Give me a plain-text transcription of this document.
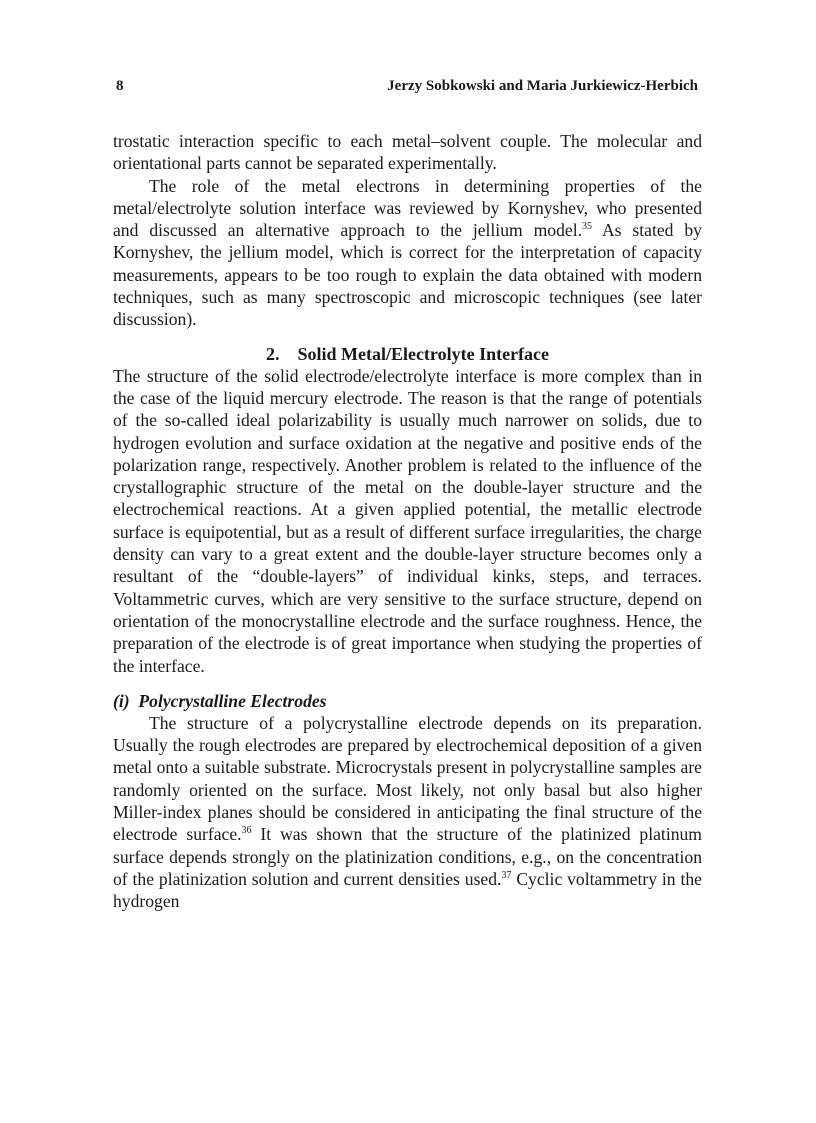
8	Jerzy Sobkowski and Maria Jurkiewicz-Herbich

trostatic interaction specific to each metal–solvent couple. The molecular and orientational parts cannot be separated experimentally.

The role of the metal electrons in determining properties of the metal/electrolyte solution interface was reviewed by Kornyshev, who presented and discussed an alternative approach to the jellium model.$^{35}$ As stated by Kornyshev, the jellium model, which is correct for the interpretation of capacity measurements, appears to be too rough to explain the data obtained with modern techniques, such as many spectroscopic and microscopic techniques (see later discussion).

2. Solid Metal/Electrolyte Interface

The structure of the solid electrode/electrolyte interface is more complex than in the case of the liquid mercury electrode. The reason is that the range of potentials of the so-called ideal polarizability is usually much narrower on solids, due to hydrogen evolution and surface oxidation at the negative and positive ends of the polarization range, respectively. Another problem is related to the influence of the crystallographic structure of the metal on the double-layer structure and the electrochemical reactions. At a given applied potential, the metallic electrode surface is equipotential, but as a result of different surface irregularities, the charge density can vary to a great extent and the double-layer structure becomes only a resultant of the “double-layers” of individual kinks, steps, and terraces. Voltammetric curves, which are very sensitive to the surface structure, depend on orientation of the monocrystalline electrode and the surface roughness. Hence, the preparation of the electrode is of great importance when studying the properties of the interface.

(i) Polycrystalline Electrodes

The structure of a polycrystalline electrode depends on its preparation. Usually the rough electrodes are prepared by electrochemical deposition of a given metal onto a suitable substrate. Microcrystals present in polycrystalline samples are randomly oriented on the surface. Most likely, not only basal but also higher Miller-index planes should be considered in anticipating the final structure of the electrode surface.$^{36}$ It was shown that the structure of the platinized platinum surface depends strongly on the platinization conditions, e.g., on the concentration of the platinization solution and current densities used.$^{37}$ Cyclic voltammetry in the hydrogen
